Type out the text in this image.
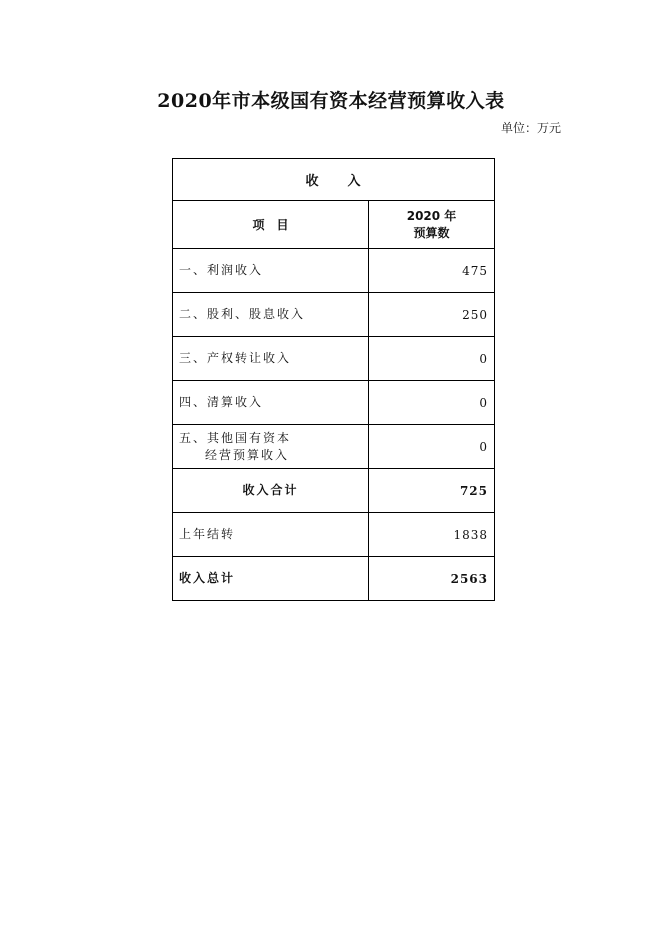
2020年市本级国有资本经营预算收入表
单位：万元
收　　入	
项　目	2020 年
预算数

一、利润收入	475
二、股利、股息收入	250
三、产权转让收入	0
四、清算收入	0
五、其他国有资本
经营预算收入	0
收入合计	725
上年结转	1838
收入总计	2563
